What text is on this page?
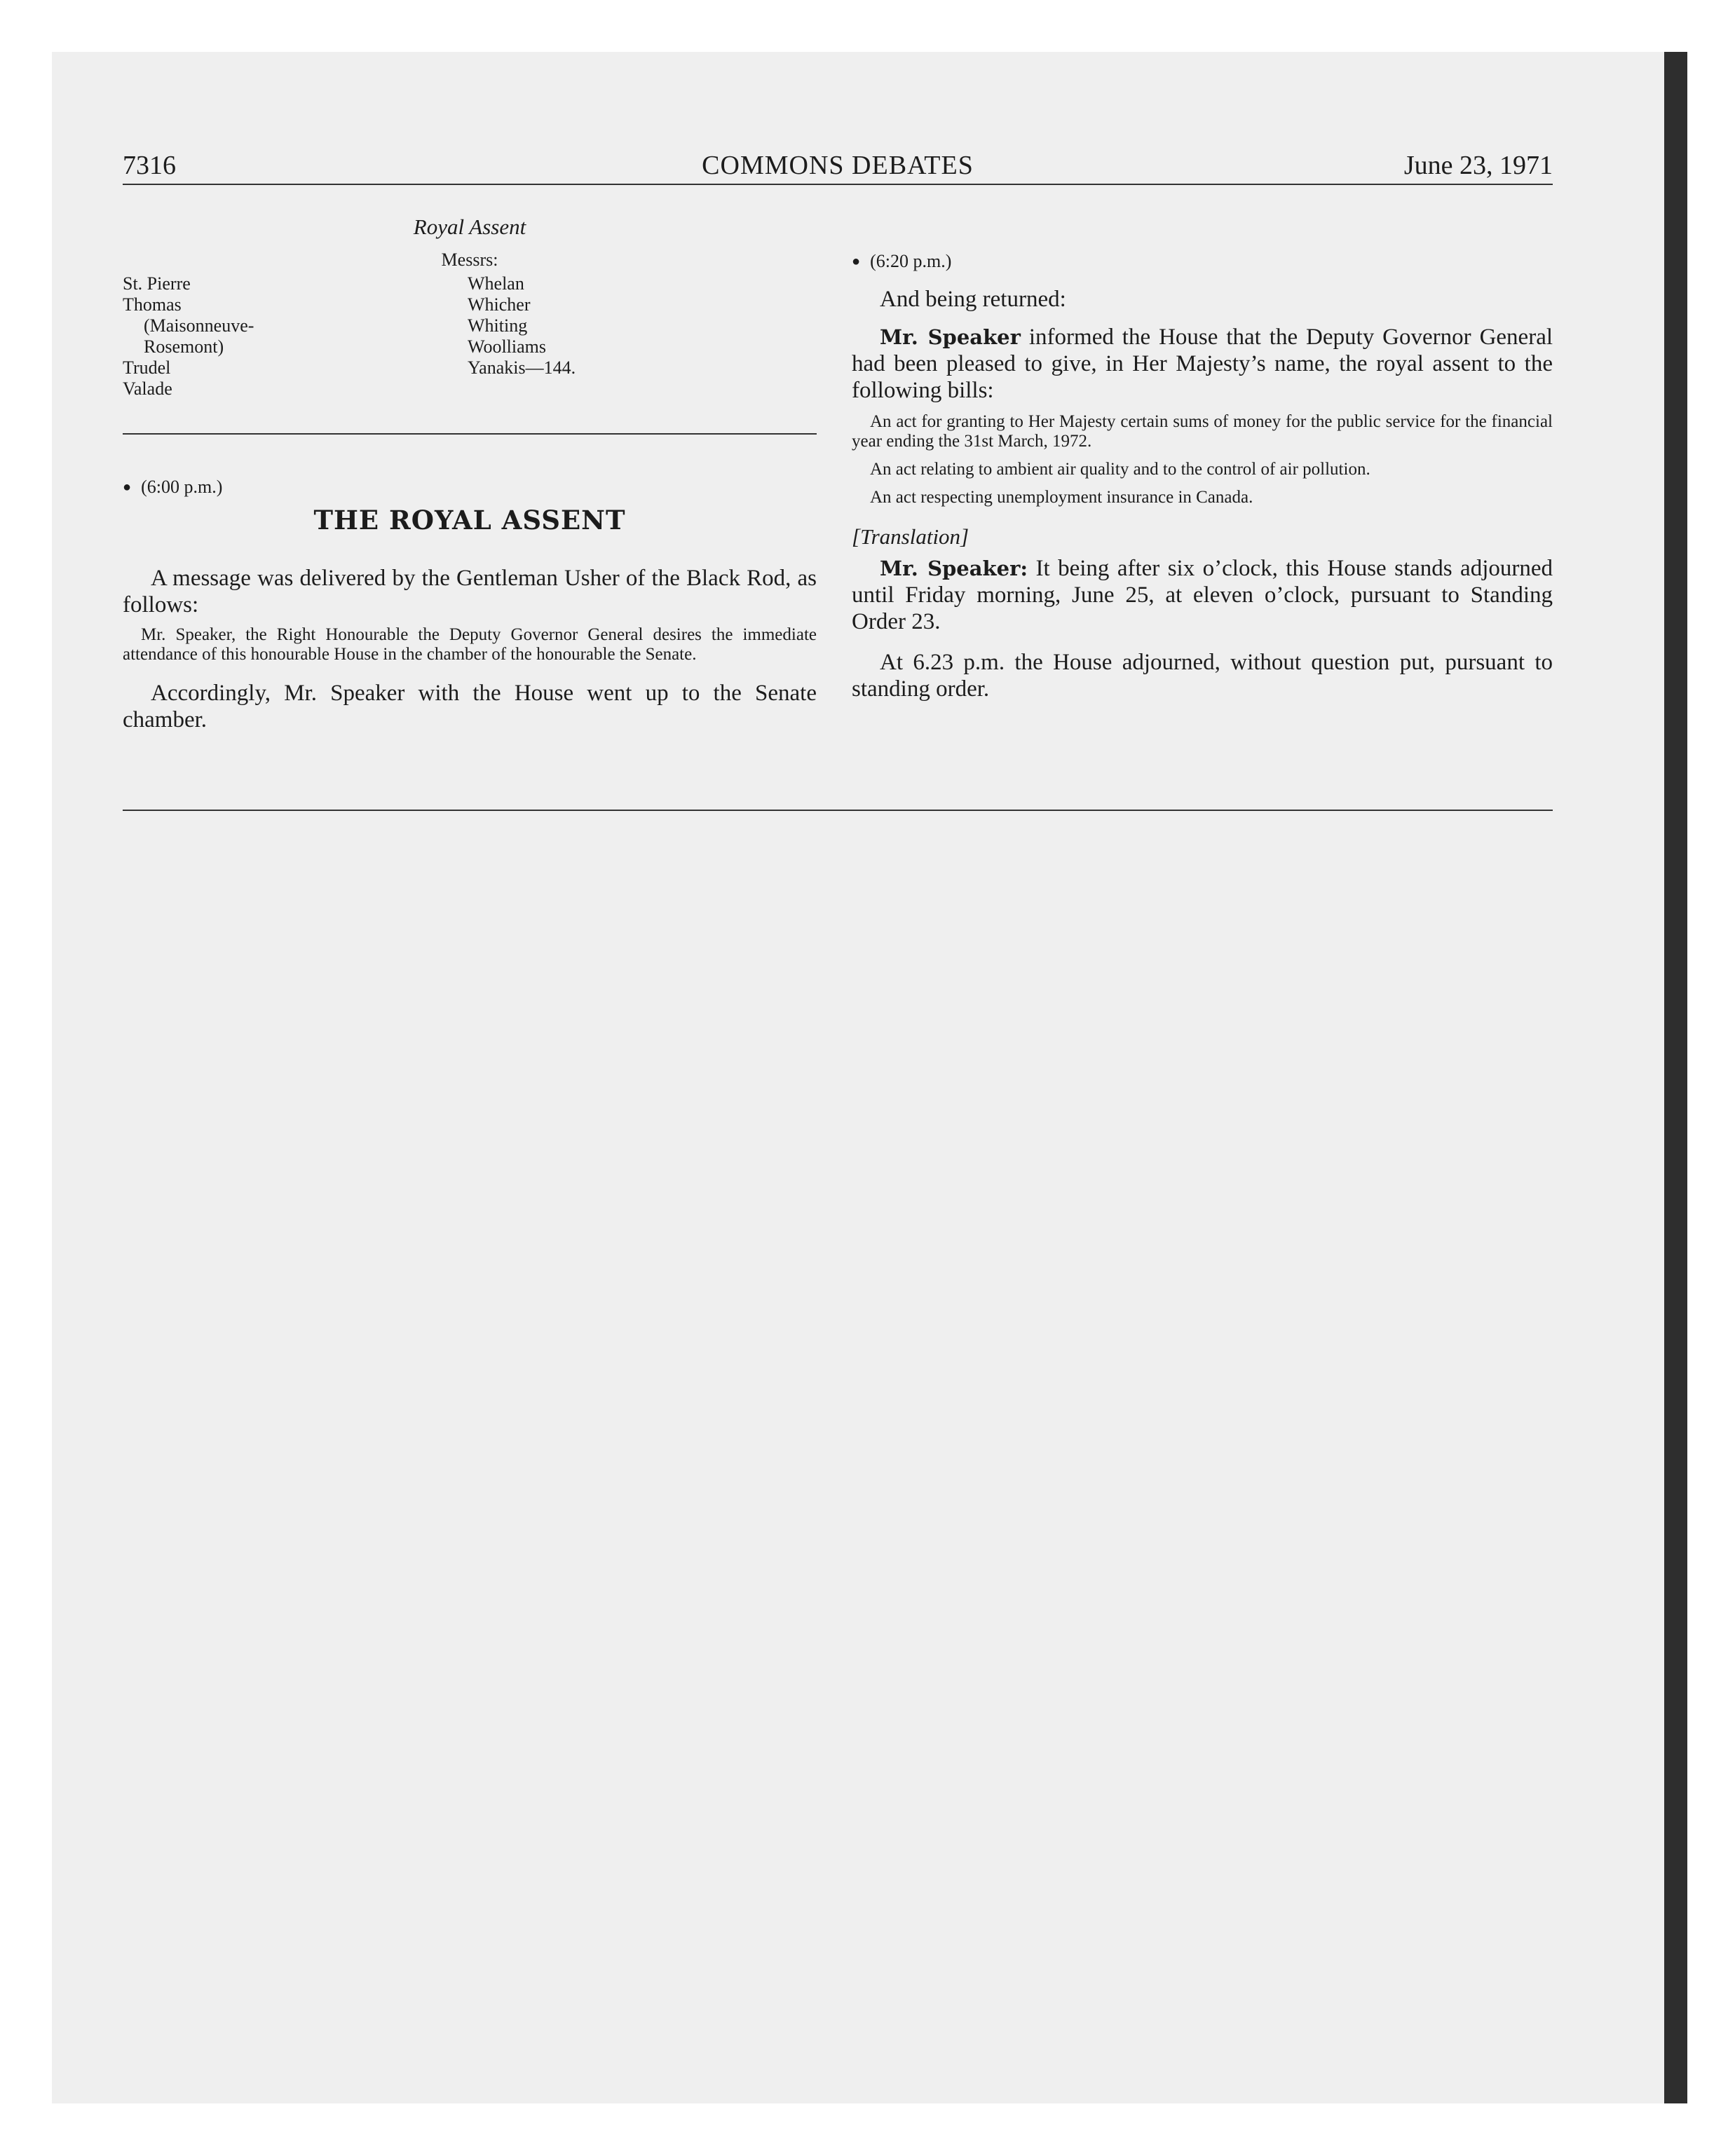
7316	COMMONS DEBATES	June 23, 1971
Royal Assent
Messrs:
St. Pierre
Thomas
(Maisonneuve-
Rosemont)
Trudel
Valade
Whelan
Whicher
Whiting
Woolliams
Yanakis—144.
● (6:00 p.m.)
THE ROYAL ASSENT

A message was delivered by the Gentleman Usher of the Black Rod, as follows:

Mr. Speaker, the Right Honourable the Deputy Governor General desires the immediate attendance of this honourable House in the chamber of the honourable the Senate.

Accordingly, Mr. Speaker with the House went up to the Senate chamber.

● (6:20 p.m.)

And being returned:

Mr. Speaker informed the House that the Deputy Governor General had been pleased to give, in Her Majesty’s name, the royal assent to the following bills:

An act for granting to Her Majesty certain sums of money for the public service for the financial year ending the 31st March, 1972.

An act relating to ambient air quality and to the control of air pollution.

An act respecting unemployment insurance in Canada.

[Translation]

Mr. Speaker: It being after six o’clock, this House stands adjourned until Friday morning, June 25, at eleven o’clock, pursuant to Standing Order 23.

At 6.23 p.m. the House adjourned, without question put, pursuant to standing order.
